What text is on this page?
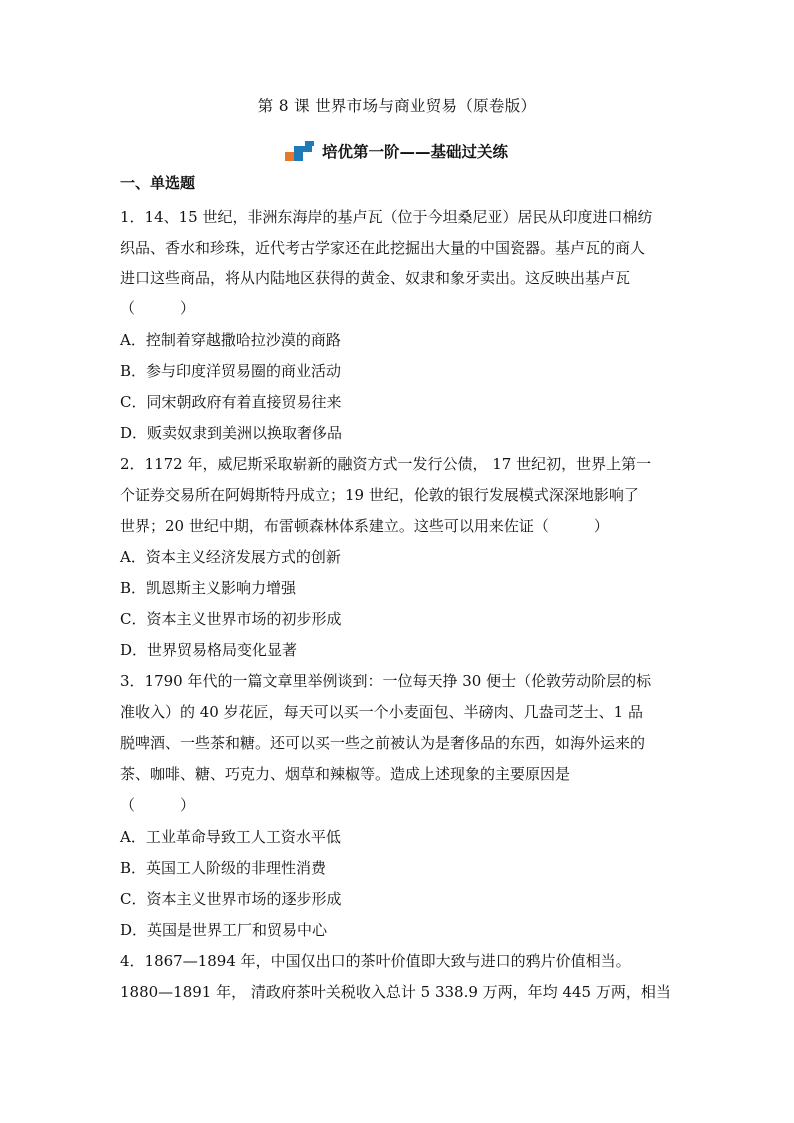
第 8 课 世界市场与商业贸易（原卷版）
培优第一阶——基础过关练
一、单选题
1．14、15 世纪，非洲东海岸的基卢瓦（位于今坦桑尼亚）居民从印度进口棉纺
织品、香水和珍珠，近代考古学家还在此挖掘出大量的中国瓷器。基卢瓦的商人
进口这些商品，将从内陆地区获得的黄金、奴隶和象牙卖出。这反映出基卢瓦
（　　　）
A．控制着穿越撒哈拉沙漠的商路
B．参与印度洋贸易圈的商业活动
C．同宋朝政府有着直接贸易往来
D．贩卖奴隶到美洲以换取奢侈品
2．1172 年，威尼斯采取崭新的融资方式一发行公债， 17 世纪初，世界上第一
个证券交易所在阿姆斯特丹成立；19 世纪，伦敦的银行发展模式深深地影响了
世界；20 世纪中期，布雷顿森林体系建立。这些可以用来佐证（　　　）
A．资本主义经济发展方式的创新
B．凯恩斯主义影响力增强
C．资本主义世界市场的初步形成
D．世界贸易格局变化显著
3．1790 年代的一篇文章里举例谈到：一位每天挣 30 便士（伦敦劳动阶层的标
准收入）的 40 岁花匠，每天可以买一个小麦面包、半磅肉、几盎司芝士、1 品
脱啤酒、一些茶和糖。还可以买一些之前被认为是奢侈品的东西，如海外运来的
茶、咖啡、糖、巧克力、烟草和辣椒等。造成上述现象的主要原因是
（　　　）
A．工业革命导致工人工资水平低
B．英国工人阶级的非理性消费
C．资本主义世界市场的逐步形成
D．英国是世界工厂和贸易中心
4．1867—1894 年，中国仅出口的茶叶价值即大致与进口的鸦片价值相当。
1880—1891 年， 清政府茶叶关税收入总计 5 338.9 万两，年均 445 万两，相当
